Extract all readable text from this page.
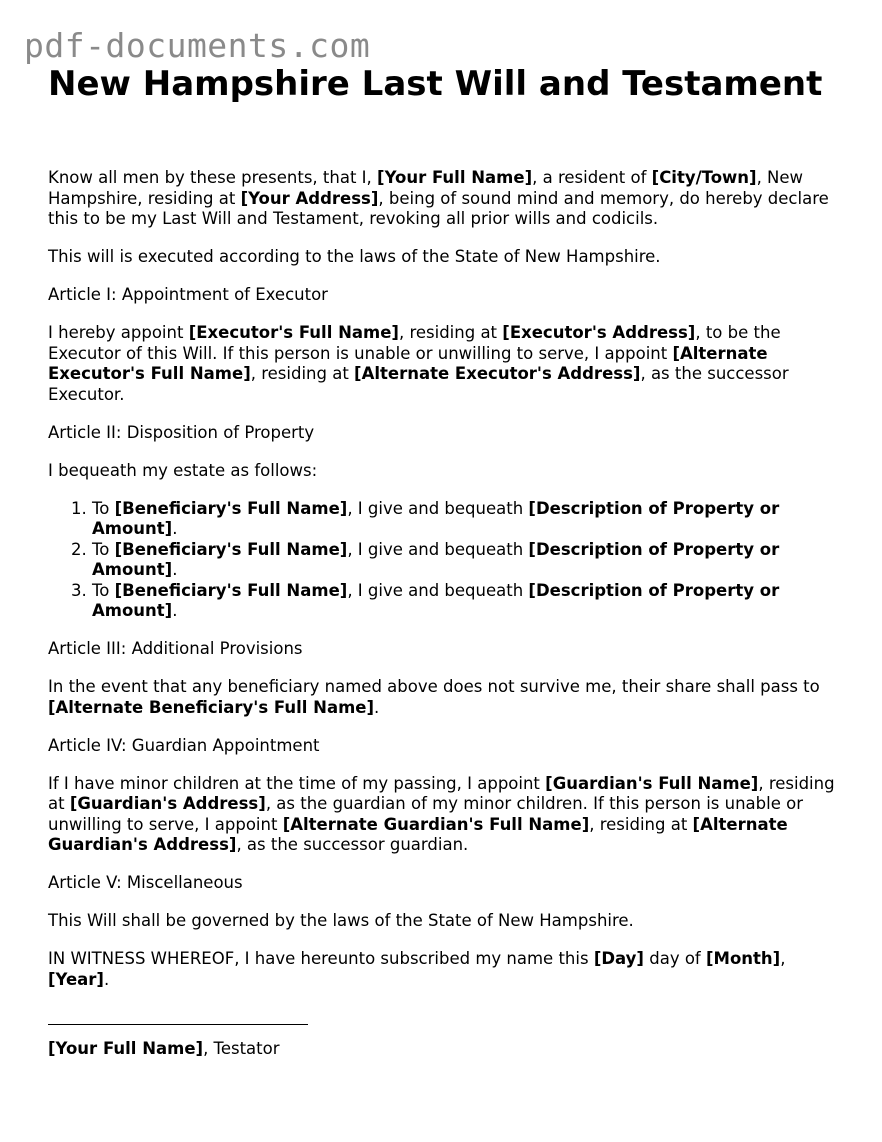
pdf-documents.com
New Hampshire Last Will and Testament

Know all men by these presents, that I, [Your Full Name], a resident of [City/Town], New Hampshire, residing at [Your Address], being of sound mind and memory, do hereby declare this to be my Last Will and Testament, revoking all prior wills and codicils.

This will is executed according to the laws of the State of New Hampshire.

Article I: Appointment of Executor

I hereby appoint [Executor's Full Name], residing at [Executor's Address], to be the Executor of this Will. If this person is unable or unwilling to serve, I appoint [Alternate Executor's Full Name], residing at [Alternate Executor's Address], as the successor Executor.

Article II: Disposition of Property

I bequeath my estate as follows:

1. To [Beneficiary's Full Name], I give and bequeath [Description of Property or Amount].
2. To [Beneficiary's Full Name], I give and bequeath [Description of Property or Amount].
3. To [Beneficiary's Full Name], I give and bequeath [Description of Property or Amount].

Article III: Additional Provisions

In the event that any beneficiary named above does not survive me, their share shall pass to [Alternate Beneficiary's Full Name].

Article IV: Guardian Appointment

If I have minor children at the time of my passing, I appoint [Guardian's Full Name], residing at [Guardian's Address], as the guardian of my minor children. If this person is unable or unwilling to serve, I appoint [Alternate Guardian's Full Name], residing at [Alternate Guardian's Address], as the successor guardian.

Article V: Miscellaneous

This Will shall be governed by the laws of the State of New Hampshire.

IN WITNESS WHEREOF, I have hereunto subscribed my name this [Day] day of [Month], [Year].

[Your Full Name], Testator
